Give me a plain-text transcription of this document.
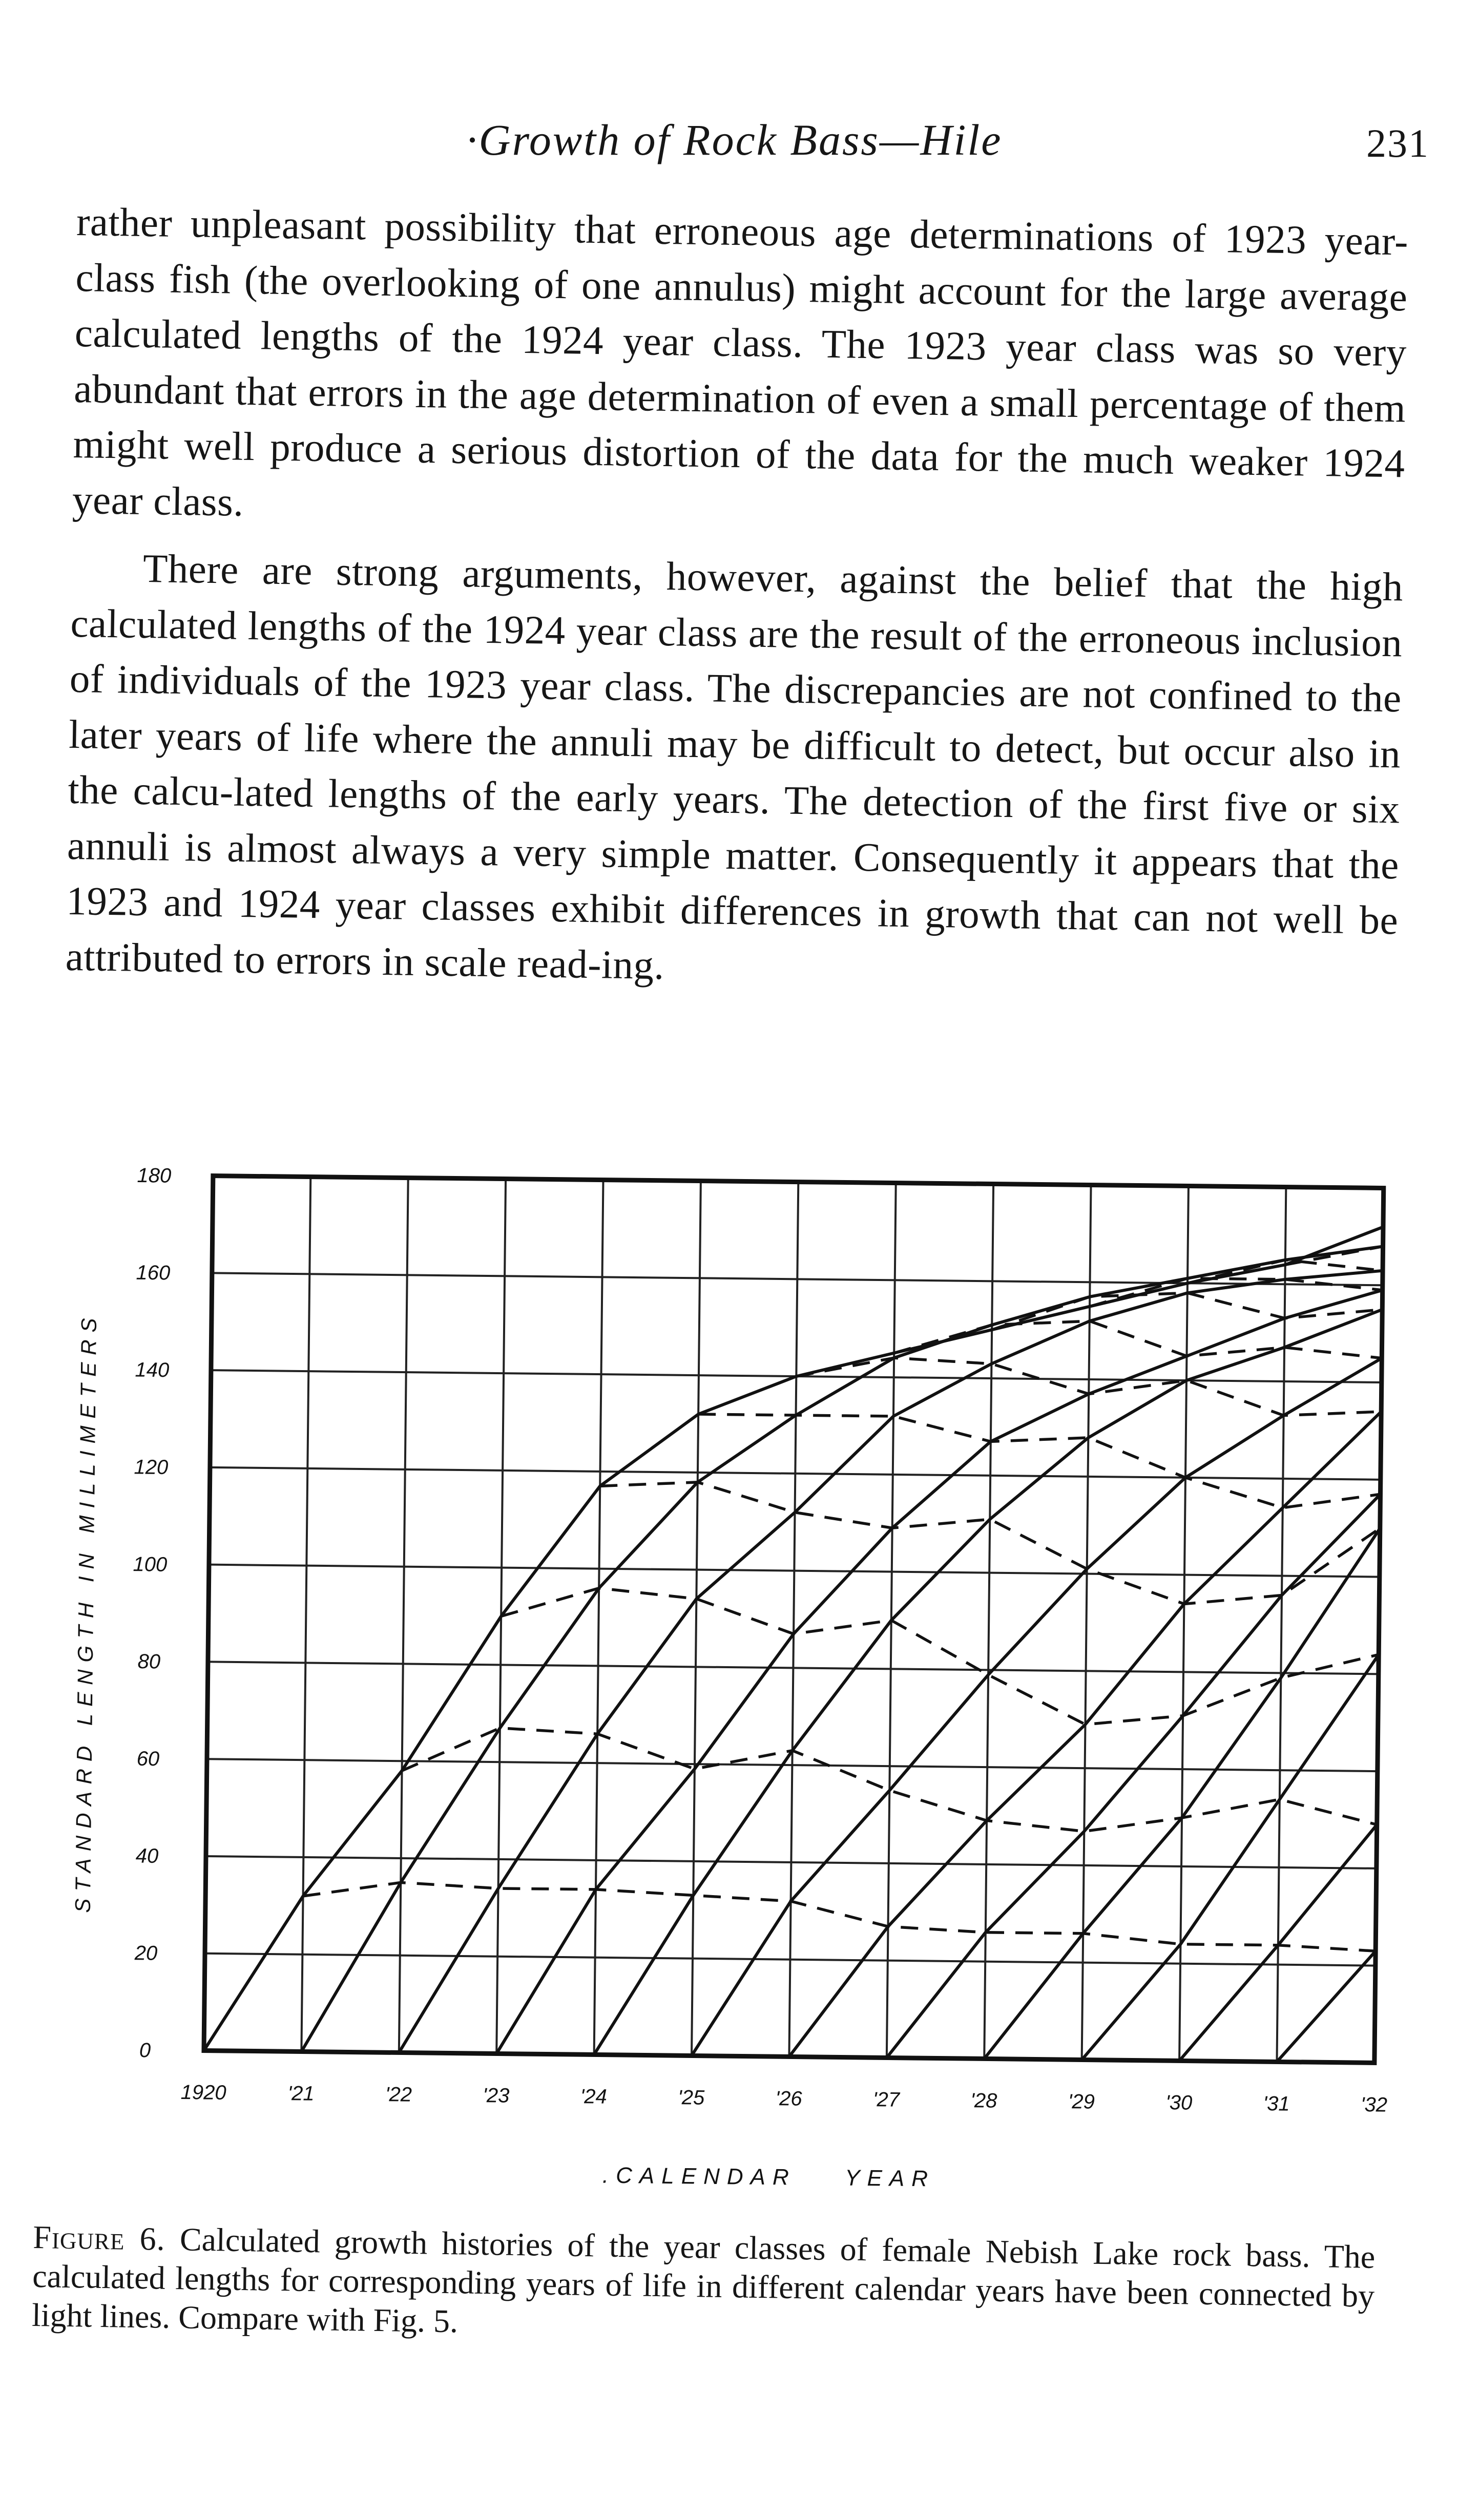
·Growth of Rock Bass—Hile	231

rather unpleasant possibility that erroneous age determinations of 1923 year-class fish (the overlooking of one annulus) might account for the large average calculated lengths of the 1924 year class. The 1923 year class was so very abundant that errors in the age determination of even a small percentage of them might well produce a serious distortion of the data for the much weaker 1924 year class.

There are strong arguments, however, against the belief that the high calculated lengths of the 1924 year class are the result of the erroneous inclusion of individuals of the 1923 year class. The discrepancies are not confined to the later years of life where the annuli may be difficult to detect, but occur also in the calcu-lated lengths of the early years. The detection of the first five or six annuli is almost always a very simple matter. Consequently it appears that the 1923 and 1924 year classes exhibit differences in growth that can not well be attributed to errors in scale read-ing.

180
160
140
120
100
80
60
40
20
0
1920	'21	'22	'23	'24	'25	'26	'27	'28	'29	'30	'31	'32
STANDARD LENGTH IN MILLIMETERS
.CALENDAR YEAR
Figure 6. Calculated growth histories of the year classes of female Nebish Lake rock bass. The calculated lengths for corresponding years of life in different calendar years have been connected by light lines. Compare with Fig. 5.
